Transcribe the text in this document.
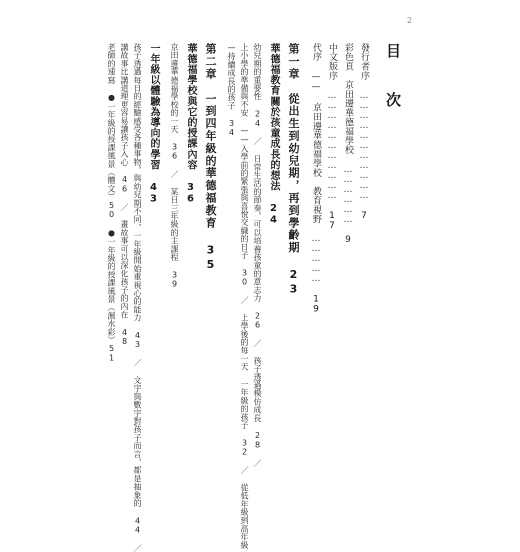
2
目 次
發行者序 …………………………… 7
彩色頁　京田邊華德福學校 ……………… 9
中文版序 …………………………… 17
代序 —— 京田邊華德福學校　教育視野 …………… 19
第一章　從出生到幼兒期，再到學齡期 23
華德福教育關於孩童成長的想法 24
幼兒期的重要性 24 ／ 日常生活的節奏，可以培養孩童的意志力 26 ／ 孩子透過模仿成長 28 ／
上小學的準備與不安 ——入學前的緊張與喜悅交織的日子 30 ／ 上學後的每一天 一年級的孩子 32 ／ 從低年級到高年級
—持續成長的孩子 34
第二章　一到四年級的華德福教育 35
華德福學校與它的授課內容 36
京田邊華德福學校的一天 36 ／ 某日三年級的主課程 39
一年級以體驗為導向的學習 43
孩子透過每日的經驗感受各種事物，與幼兒期不同，一年級開始重視心的能力 43 ／ 文字與數字對孩子而言，都是抽象的 44 ／
講故事比講道理更容易讓孩子入心 46 ／ 畫故事可以深化孩子的內在 48
老師的速寫 ●一年級的授課風景（體文）50 ●一年級的授課風景（濕水彩）51
